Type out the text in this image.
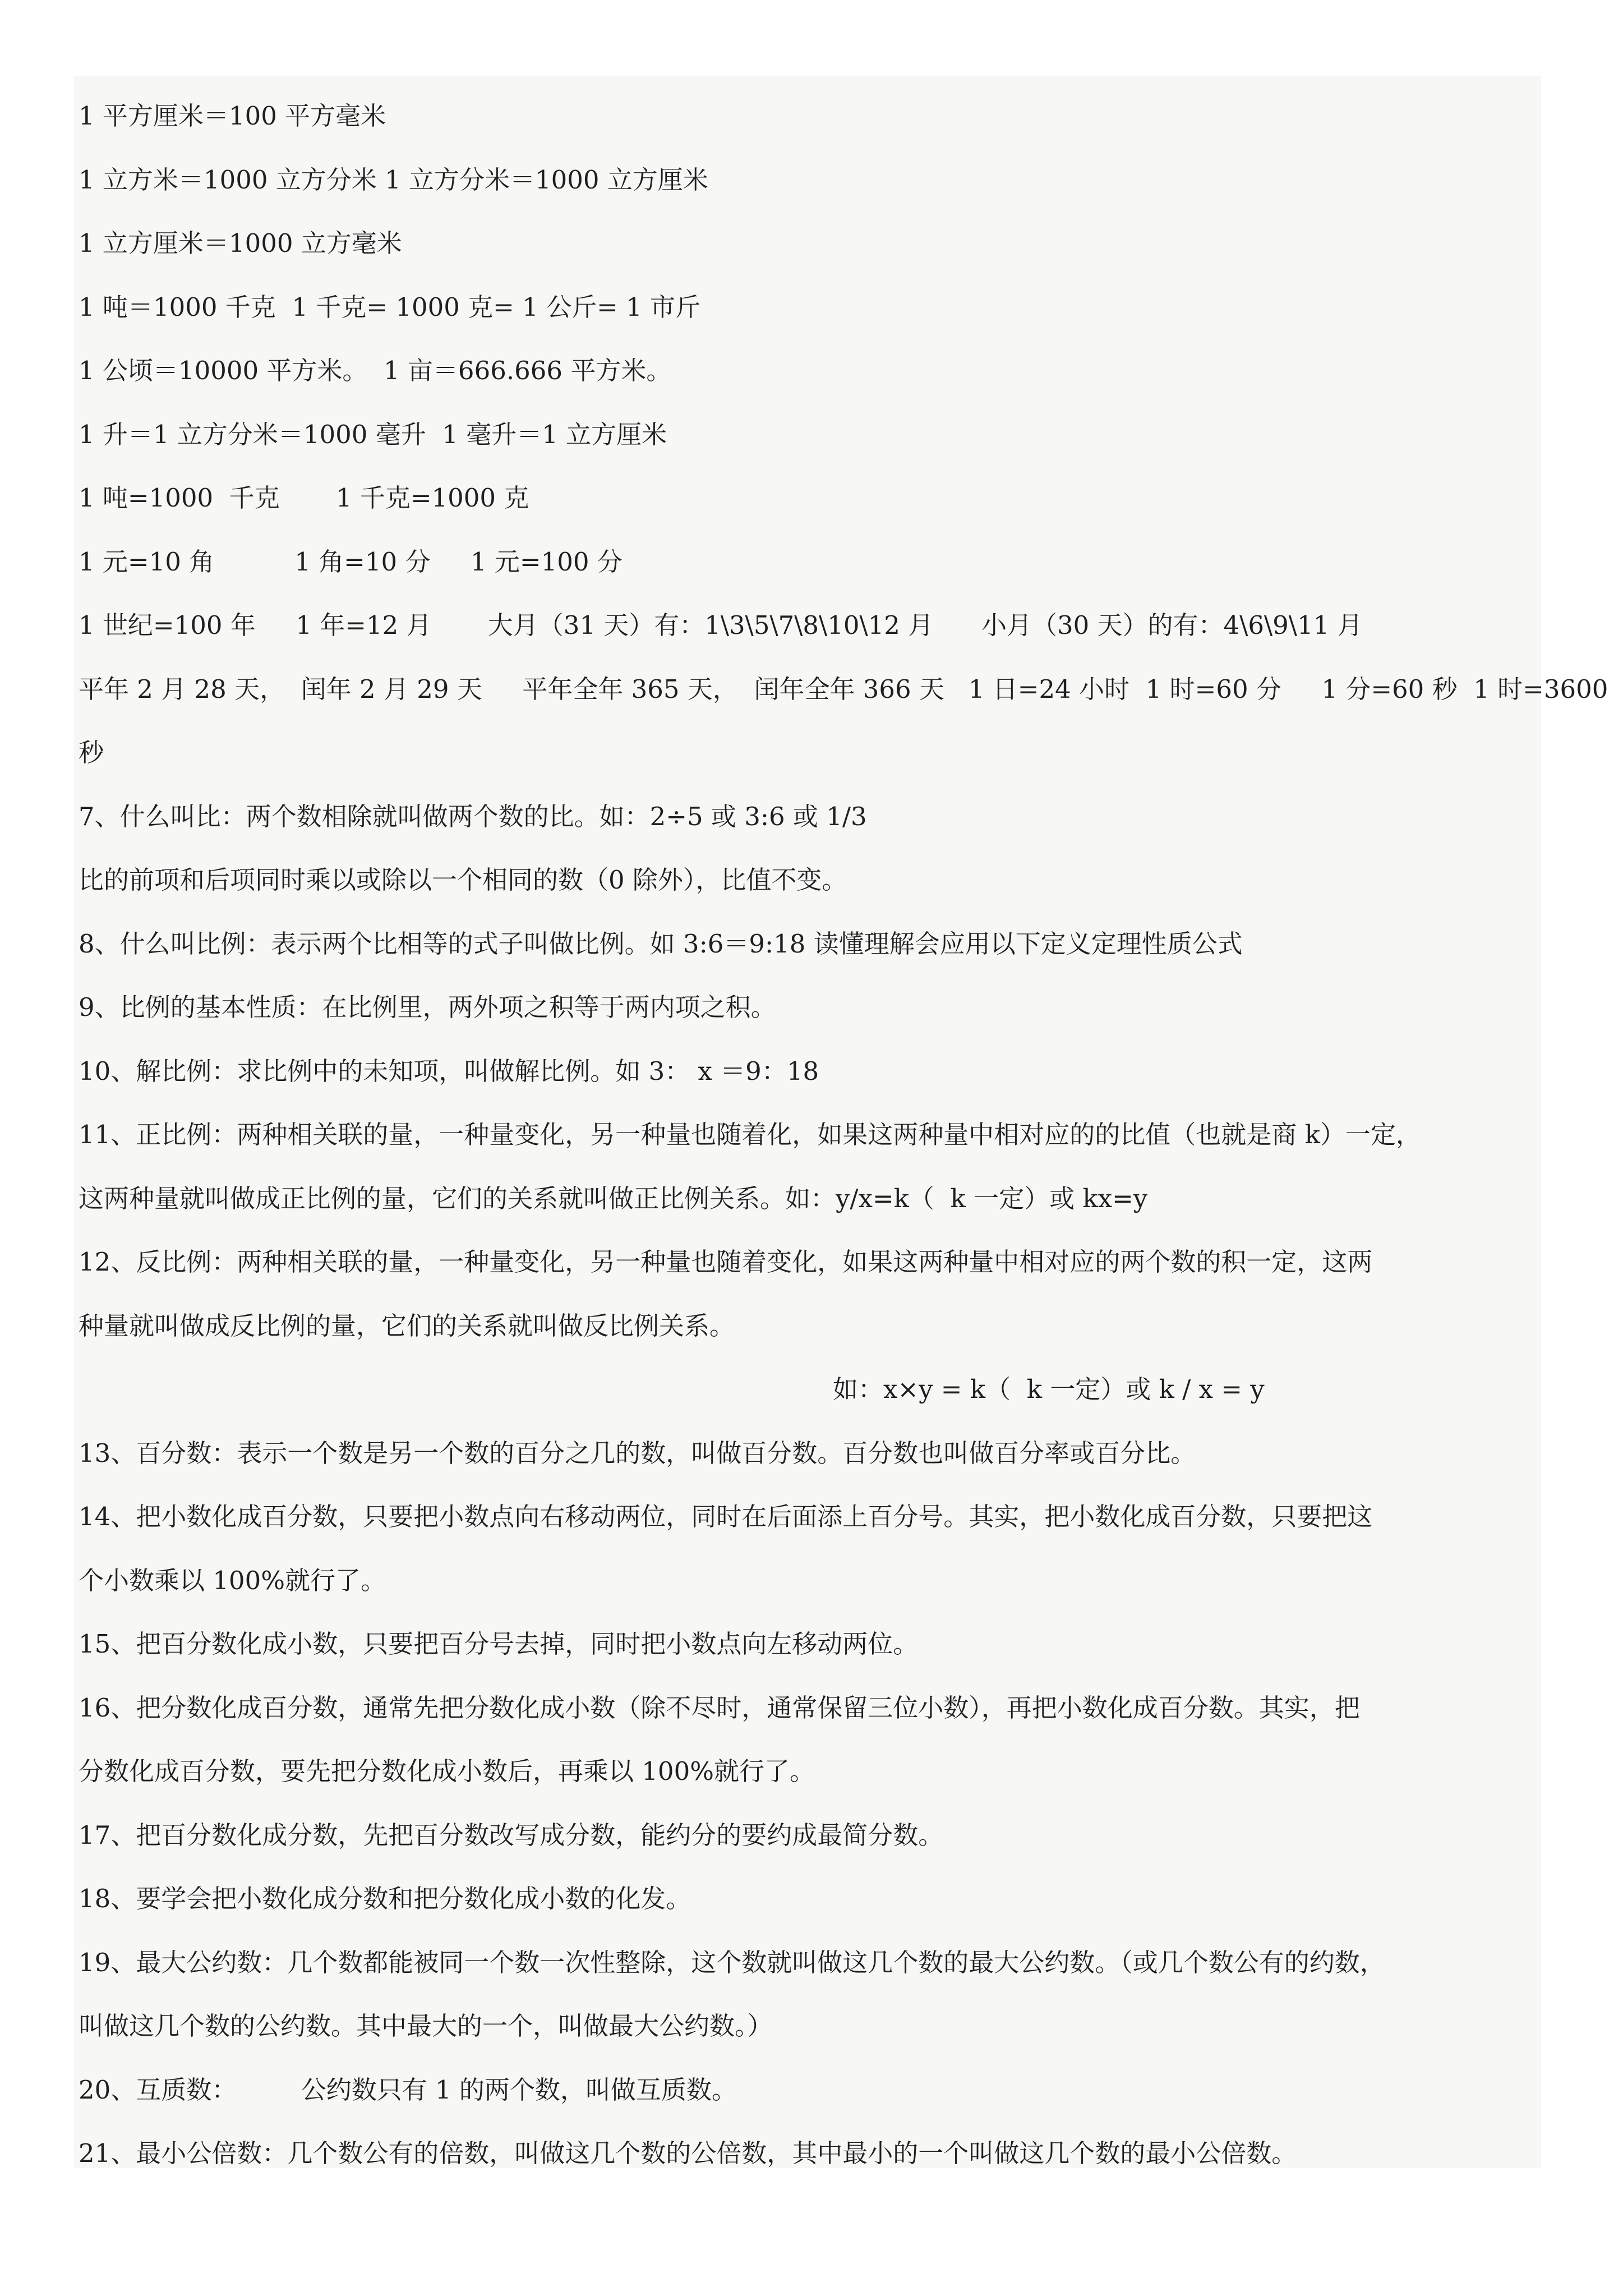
1 平方厘米＝100 平方毫米
1 立方米＝1000 立方分米 1 立方分米＝1000 立方厘米
1 立方厘米＝1000 立方毫米
1 吨＝1000 千克  1 千克= 1000 克= 1 公斤= 1 市斤
1 公顷＝10000 平方米。  1 亩＝666.666 平方米。
1 升＝1 立方分米＝1000 毫升  1 毫升＝1 立方厘米
1 吨=1000  千克       1 千克=1000 克
1 元=10 角          1 角=10 分     1 元=100 分
1 世纪=100 年     1 年=12 月       大月（31 天）有：1\3\5\7\8\10\12 月      小月（30 天）的有：4\6\9\11 月
平年 2 月 28 天，  闰年 2 月 29 天     平年全年 365 天，  闰年全年 366 天   1 日=24 小时  1 时=60 分     1 分=60 秒  1 时=3600
秒
7、什么叫比：两个数相除就叫做两个数的比。如：2÷5 或 3:6 或 1/3
比的前项和后项同时乘以或除以一个相同的数（0 除外），比值不变。
8、什么叫比例：表示两个比相等的式子叫做比例。如 3:6＝9:18 读懂理解会应用以下定义定理性质公式
9、比例的基本性质：在比例里，两外项之积等于两内项之积。
10、解比例：求比例中的未知项，叫做解比例。如 3： x ＝9：18
11、正比例：两种相关联的量，一种量变化，另一种量也随着化，如果这两种量中相对应的的比值（也就是商 k）一定，
这两种量就叫做成正比例的量，它们的关系就叫做正比例关系。如：y/x=k（  k 一定）或 kx=y
12、反比例：两种相关联的量，一种量变化，另一种量也随着变化，如果这两种量中相对应的两个数的积一定，这两
种量就叫做成反比例的量，它们的关系就叫做反比例关系。
如：x×y = k（  k 一定）或 k / x = y
13、百分数：表示一个数是另一个数的百分之几的数，叫做百分数。百分数也叫做百分率或百分比。
14、把小数化成百分数，只要把小数点向右移动两位，同时在后面添上百分号。其实，把小数化成百分数，只要把这
个小数乘以 100%就行了。
15、把百分数化成小数，只要把百分号去掉，同时把小数点向左移动两位。
16、把分数化成百分数，通常先把分数化成小数（除不尽时，通常保留三位小数），再把小数化成百分数。其实，把
分数化成百分数，要先把分数化成小数后，再乘以 100%就行了。
17、把百分数化成分数，先把百分数改写成分数，能约分的要约成最简分数。
18、要学会把小数化成分数和把分数化成小数的化发。
19、最大公约数：几个数都能被同一个数一次性整除，这个数就叫做这几个数的最大公约数。（或几个数公有的约数，
叫做这几个数的公约数。其中最大的一个，叫做最大公约数。）
20、互质数：        公约数只有 1 的两个数，叫做互质数。
21、最小公倍数：几个数公有的倍数，叫做这几个数的公倍数，其中最小的一个叫做这几个数的最小公倍数。
